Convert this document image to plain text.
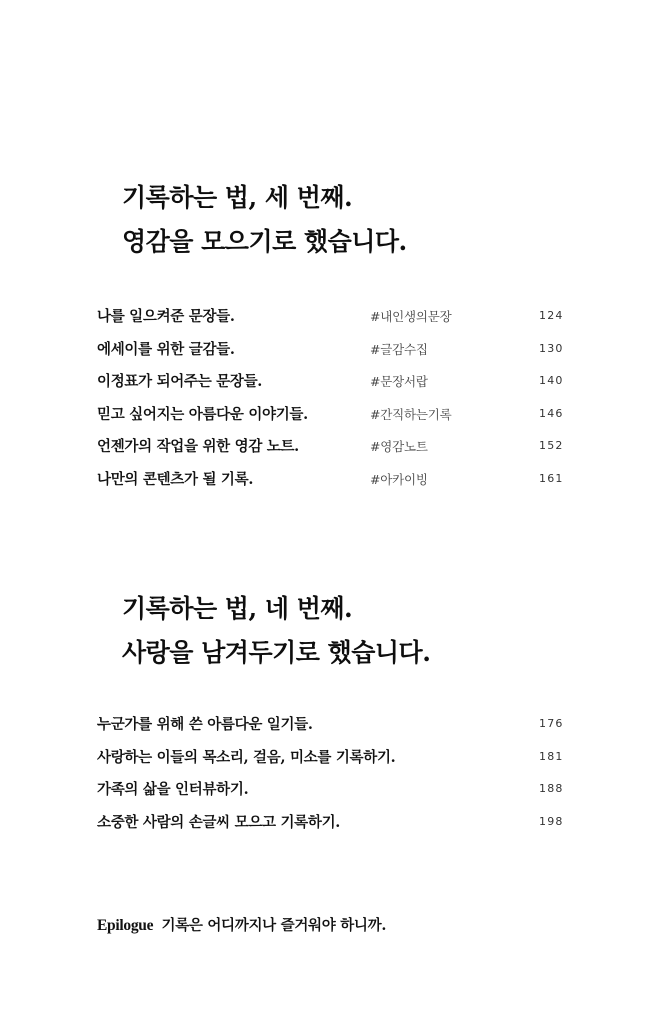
기록하는 법, 세 번째.
영감을 모으기로 했습니다.
나를 일으켜준 문장들.	#내인생의문장	124
에세이를 위한 글감들.	#글감수집	130
이정표가 되어주는 문장들.	#문장서랍	140
믿고 싶어지는 아름다운 이야기들.	#간직하는기록	146
언젠가의 작업을 위한 영감 노트.	#영감노트	152
나만의 콘텐츠가 될 기록.	#아카이빙	161
기록하는 법, 네 번째.
사랑을 남겨두기로 했습니다.
누군가를 위해 쓴 아름다운 일기들.	176
사랑하는 이들의 목소리, 걸음, 미소를 기록하기.	181
가족의 삶을 인터뷰하기.	188
소중한 사람의 손글씨 모으고 기록하기.	198
Epilogue 기록은 어디까지나 즐거워야 하니까.
